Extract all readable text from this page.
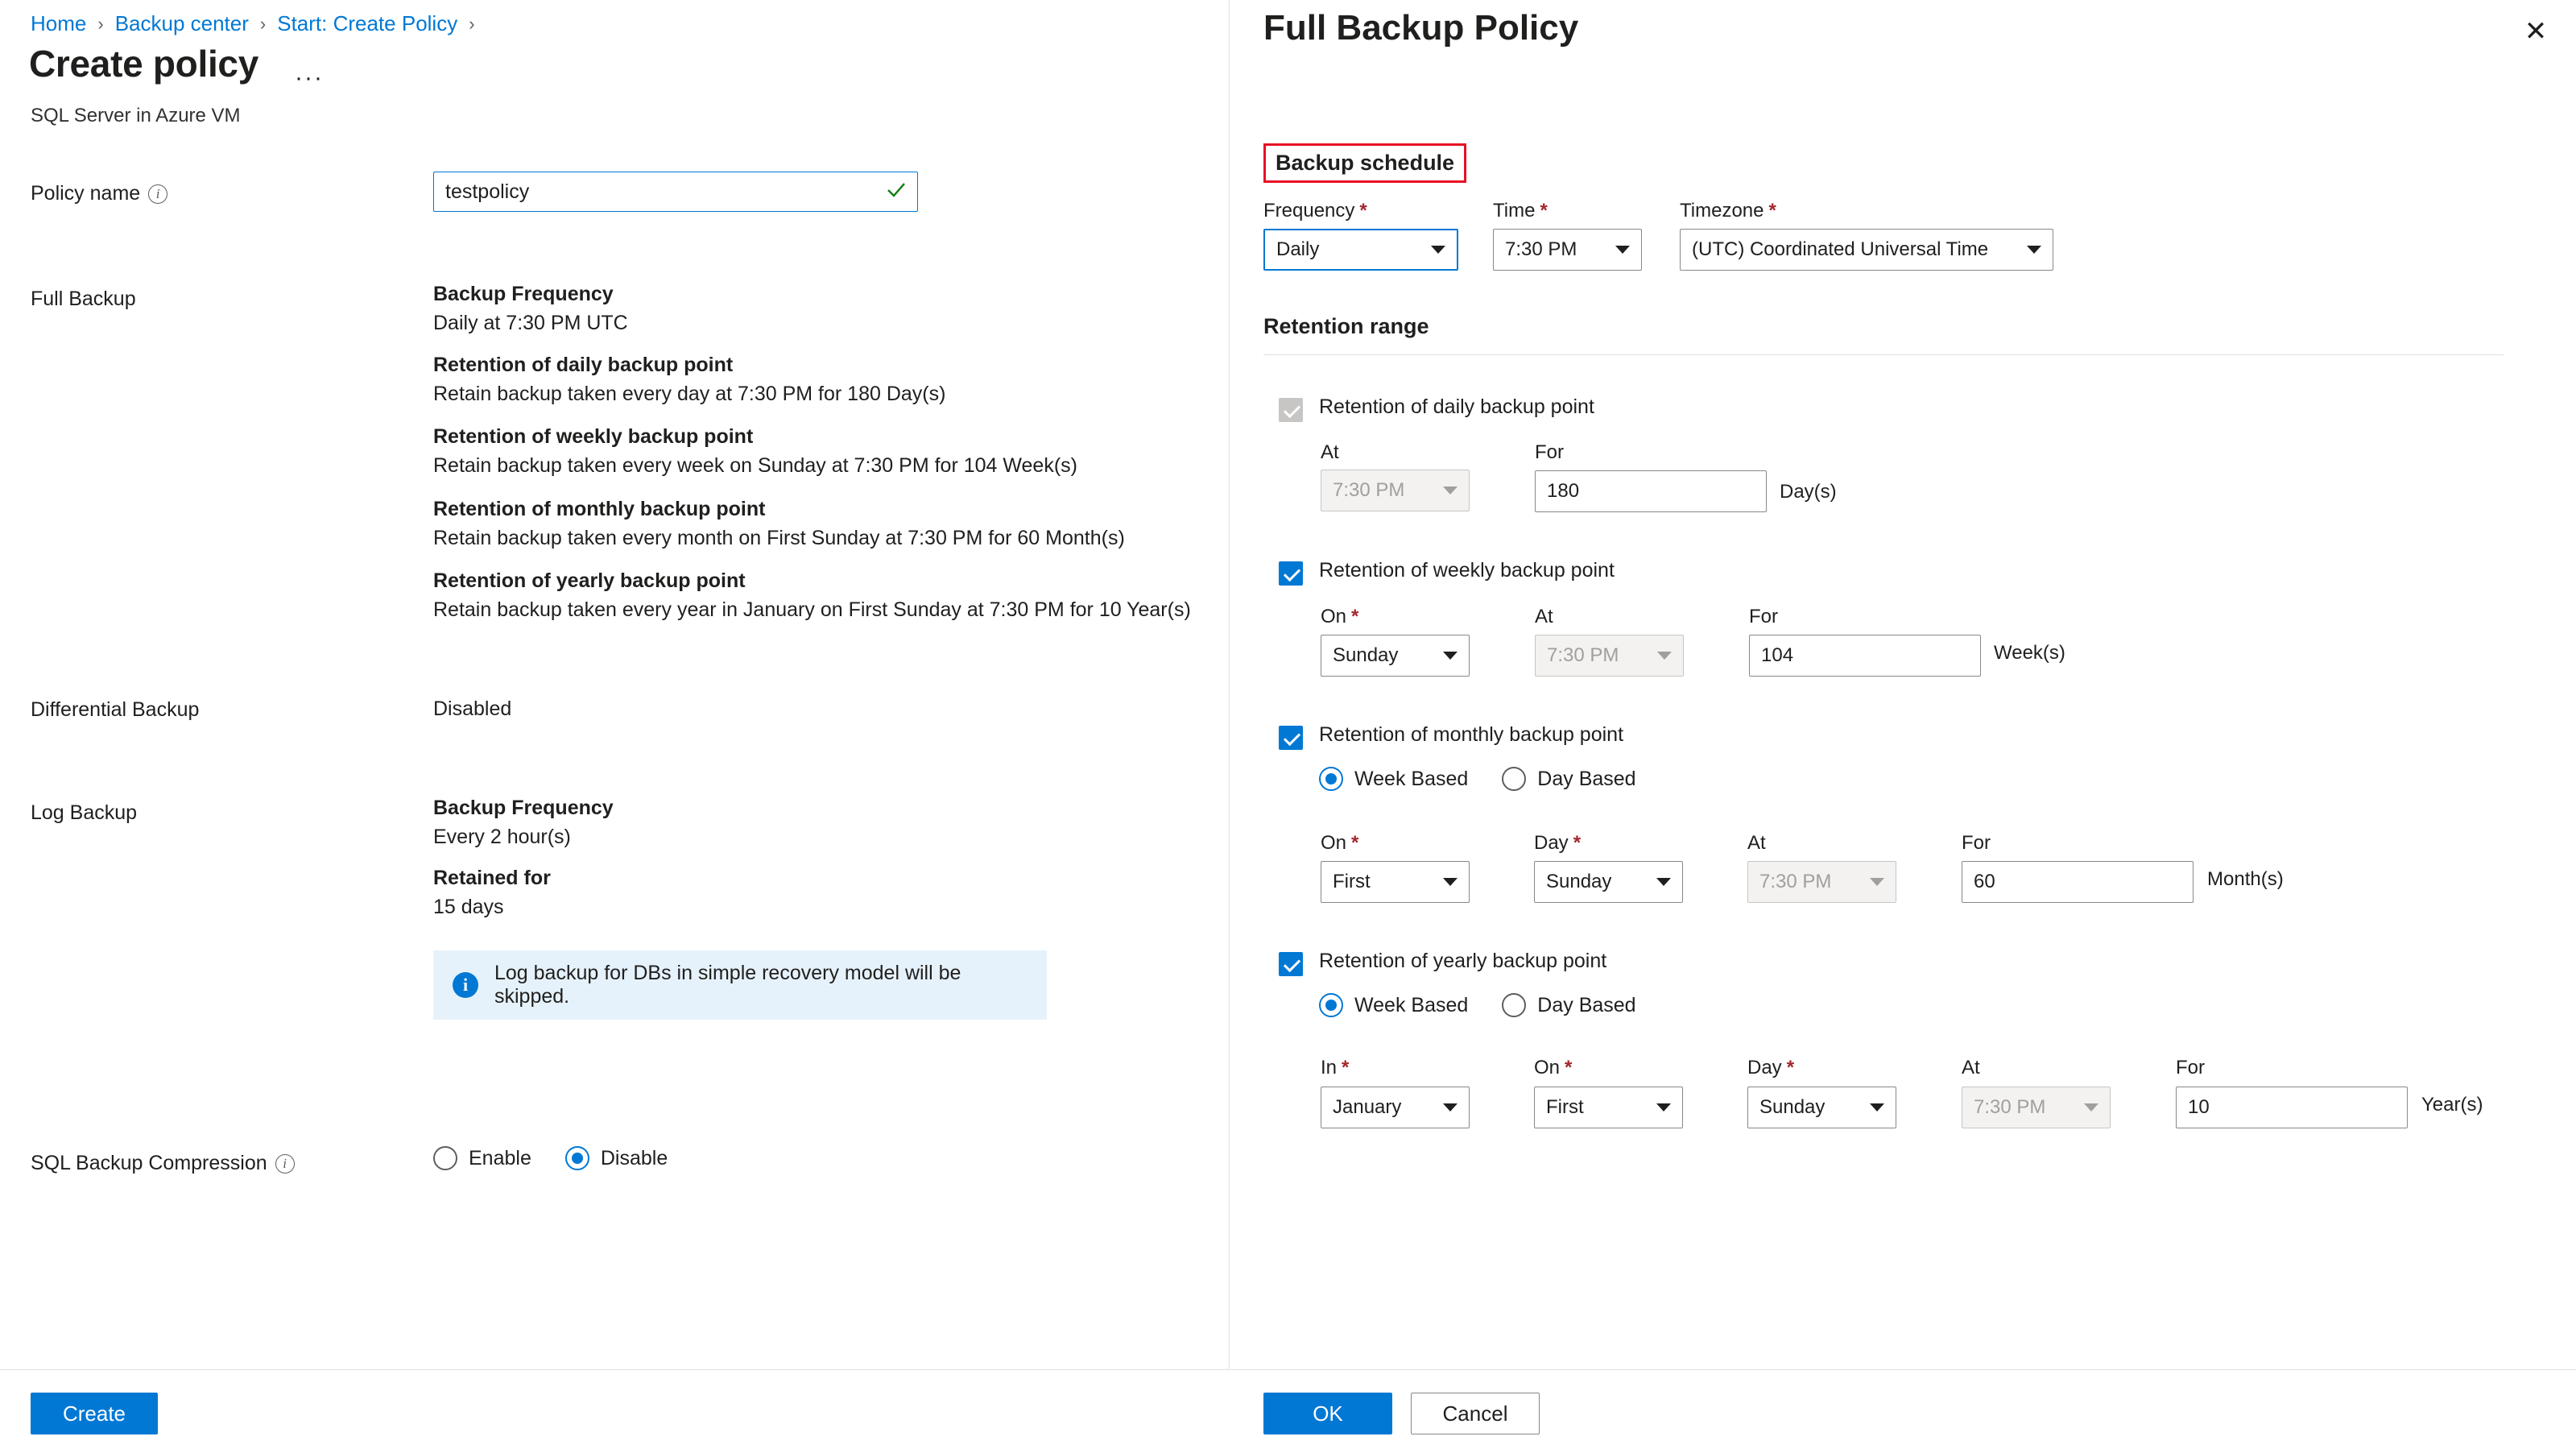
Home › Backup center › Start: Create Policy ›
Create policy ···
SQL Server in Azure VM
Policy name i
testpolicy
Full Backup	Backup Frequency
Daily at 7:30 PM UTC
Retention of daily backup point
Retain backup taken every day at 7:30 PM for 180 Day(s)
Retention of weekly backup point
Retain backup taken every week on Sunday at 7:30 PM for 104 Week(s)
Retention of monthly backup point
Retain backup taken every month on First Sunday at 7:30 PM for 60 Month(s)
Retention of yearly backup point
Retain backup taken every year in January on First Sunday at 7:30 PM for 10 Year(s)
Differential Backup	Disabled
Log Backup	Backup Frequency
Every 2 hour(s)
Retained for
15 days
i
Log backup for DBs in simple recovery model will be skipped.
SQL Backup Compression i	Enable	Disable
Create
Full Backup Policy	✕
Backup schedule
Frequency *
Daily
Time *
7:30 PM
Timezone *
(UTC) Coordinated Universal Time
Retention range
Retention of daily backup point
At
7:30 PM
For
180
Day(s)
Retention of weekly backup point
On *
Sunday
At
7:30 PM
For
104
Week(s)
Retention of monthly backup point
Week Based	Day Based
On *
First
Day *
Sunday
At
7:30 PM
For
60
Month(s)
Retention of yearly backup point
Week Based	Day Based
In *
January
On *
First
Day *
Sunday
At
7:30 PM
For
10
Year(s)
OK	Cancel
